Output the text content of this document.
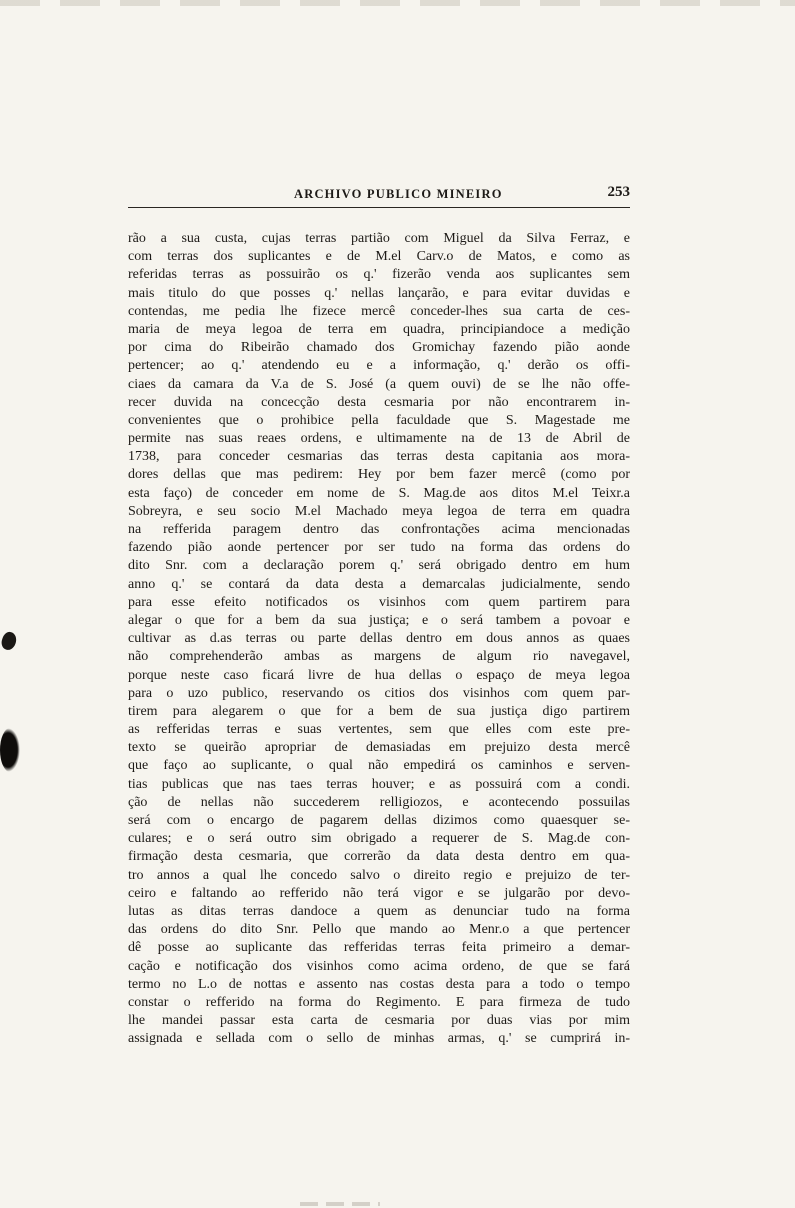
ARCHIVO PUBLICO MINEIRO	253
rão a sua custa, cujas terras partião com Miguel da Silva Ferraz, e
com terras dos suplicantes e de M.el Carv.o de Matos, e como as
referidas terras as possuirão os q.' fizerão venda aos suplicantes sem
mais titulo do que posses q.' nellas lançarão, e para evitar duvidas e
contendas, me pedia lhe fizece mercê conceder-lhes sua carta de ces-
maria de meya legoa de terra em quadra, principiandoce a medição
por cima do Ribeirão chamado dos Gromichay fazendo pião aonde
pertencer; ao q.' atendendo eu e a informação, q.' derão os offi-
ciaes da camara da V.a de S. José (a quem ouvi) de se lhe não offe-
recer duvida na concecção desta cesmaria por não encontrarem in-
convenientes que o prohibice pella faculdade que S. Magestade me
permite nas suas reaes ordens, e ultimamente na de 13 de Abril de
1738, para conceder cesmarias das terras desta capitania aos mora-
dores dellas que mas pedirem: Hey por bem fazer mercê (como por
esta faço) de conceder em nome de S. Mag.de aos ditos M.el Teixr.a
Sobreyra, e seu socio M.el Machado meya legoa de terra em quadra
na refferida paragem dentro das confrontações acima mencionadas
fazendo pião aonde pertencer por ser tudo na forma das ordens do
dito Snr. com a declaração porem q.' será obrigado dentro em hum
anno q.' se contará da data desta a demarcalas judicialmente, sendo
para esse efeito notificados os visinhos com quem partirem para
alegar o que for a bem da sua justiça; e o será tambem a povoar e
cultivar as d.as terras ou parte dellas dentro em dous annos as quaes
não comprehenderão ambas as margens de algum rio navegavel,
porque neste caso ficará livre de hua dellas o espaço de meya legoa
para o uzo publico, reservando os citios dos visinhos com quem par-
tirem para alegarem o que for a bem de sua justiça digo partirem
as refferidas terras e suas vertentes, sem que elles com este pre-
texto se queirão apropriar de demasiadas em prejuizo desta mercê
que faço ao suplicante, o qual não empedirá os caminhos e serven-
tias publicas que nas taes terras houver; e as possuirá com a condi.
ção de nellas não succederem relligiozos, e acontecendo possuilas
será com o encargo de pagarem dellas dizimos como quaesquer se-
culares; e o será outro sim obrigado a requerer de S. Mag.de con-
firmação desta cesmaria, que correrão da data desta dentro em qua-
tro annos a qual lhe concedo salvo o direito regio e prejuizo de ter-
ceiro e faltando ao refferido não terá vigor e se julgarão por devo-
lutas as ditas terras dandoce a quem as denunciar tudo na forma
das ordens do dito Snr. Pello que mando ao Menr.o a que pertencer
dê posse ao suplicante das refferidas terras feita primeiro a demar-
cação e notificação dos visinhos como acima ordeno, de que se fará
termo no L.o de nottas e assento nas costas desta para a todo o tempo
constar o refferido na forma do Regimento. E para firmeza de tudo
lhe mandei passar esta carta de cesmaria por duas vias por mim
assignada e sellada com o sello de minhas armas, q.' se cumprirá in-
